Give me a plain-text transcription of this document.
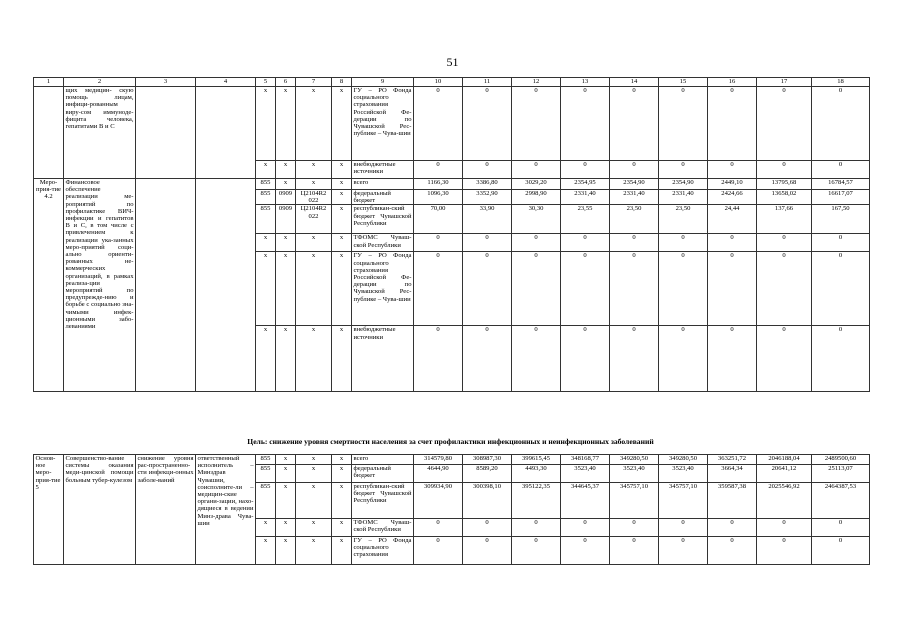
51
1	2	3	4	5	6	7	8	9	10	11	12	13	14	15	16	17	18
	щих медицин- скую помощь лицам, инфици-рованным виру-сом иммунодe-фицита человека, гепатитами B и C			x	x	x	x	ГУ – РО Фонда социального страхования Российской Фе-дерации по Чувашской Рес-публике – Чува-шии	0	0	0	0	0	0	0	0	0
				x	x	x	x	внебюджетные источники	0	0	0	0	0	0	0	0	0
Меро-прия-тие 4.2	Финансовое обеспечение реализации ме-роприятий по профилактике ВИЧ-инфекции и гепатитов B и C, в том числе с привлечением к реализации ука-занных меро-приятий соци-ально ориенти-рованных не-коммерческих организаций, в рамках реализа-ции мероприятий по предупрежде-нию и борьбе с социально зна-чимыми инфек-ционными забо-леваниями			855	x	x	x	всего	1166,30	3386,80	3029,20	2354,95	2354,90	2354,90	2449,10	13795,68	16784,57
				855	0909	Ц2104R2 022	x	федеральный бюджет	1096,30	3352,90	2998,90	2331,40	2331,40	2331,40	2424,66	13658,02	16617,07
				855	0909	Ц2104R2 022	x	республикан-ский бюджет Чувашской Республики	70,00	33,90	30,30	23,55	23,50	23,50	24,44	137,66	167,50
				x	x	x	x	ТФОМС Чуваш-ской Республики	0	0	0	0	0	0	0	0	0
				x	x	x	x	ГУ – РО Фонда социального страхования Российской Фе-дерации по Чувашской Рес-публике – Чува-шии	0	0	0	0	0	0	0	0	0
				x	x	x	x	внебюджетные источники	0	0	0	0	0	0	0	0	0
Цель: снижение уровня смертности населения за счет профилактики инфекционных и неинфекционных заболеваний
Основ-ное меро-прия-тие 5	Совершенство-вание системы оказания меди-цинской помощи больным тубер-кулезом	снижение уровня рас-пространенно-сти инфекци-онных заболе-ваний	ответственный исполнитель – Минздрав Чувашии, соисполните-ли – медицин-ские органи-зации, нахо-дящиеся в ведении Минз-драва Чува-шии	855	x	x	x	всего	314579,80	308987,30	399615,45	348168,77	349280,50	349280,50	363251,72	2046188,04	2489500,60
				855	x	x	x	федеральный бюджет	4644,90	8589,20	4493,30	3523,40	3523,40	3523,40	3664,34	20641,12	25113,07
				855	x	x	x	республикан-ский бюджет Чувашской Республики	309934,90	300398,10	395122,35	344645,37	345757,10	345757,10	359587,38	2025546,92	2464387,53
				x	x	x	x	ТФОМС Чуваш-ской Республики	0	0	0	0	0	0	0	0	0
				x	x	x	x	ГУ – РО Фонда социального страхования	0	0	0	0	0	0	0	0	0
